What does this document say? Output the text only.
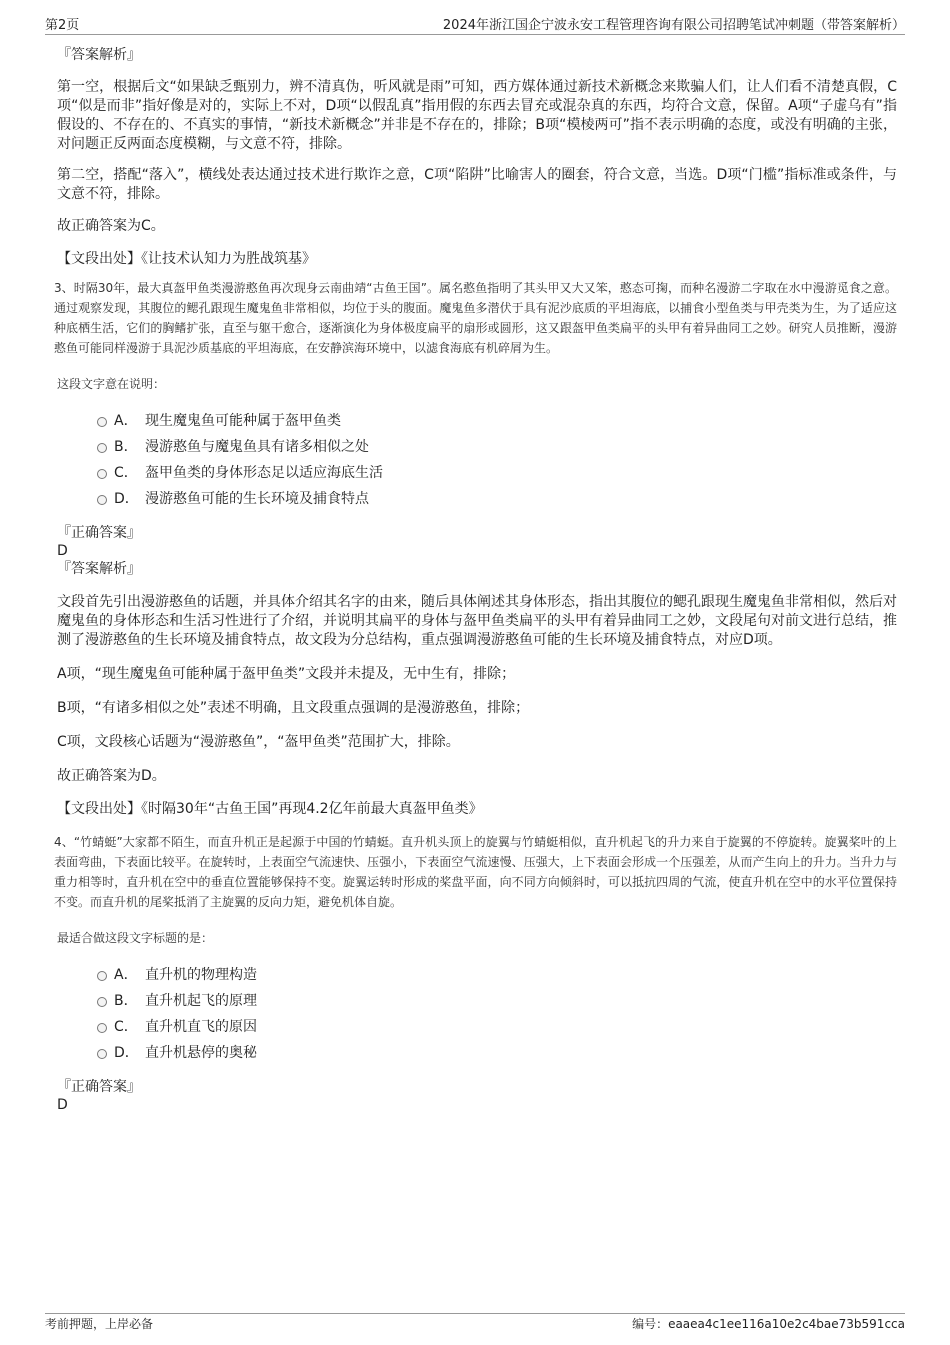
第2页	2024年浙江国企宁波永安工程管理咨询有限公司招聘笔试冲刺题（带答案解析）

『答案解析』

第一空，根据后文“如果缺乏甄别力，辨不清真伪，听风就是雨”可知，西方媒体通过新技术新概念来欺骗人们，让人们看不清楚真假，C项“似是而非”指好像是对的，实际上不对，D项“以假乱真”指用假的东西去冒充或混杂真的东西，均符合文意，保留。A项“子虚乌有”指假设的、不存在的、不真实的事情，“新技术新概念”并非是不存在的，排除；B项“模棱两可”指不表示明确的态度，或没有明确的主张，对问题正反两面态度模糊，与文意不符，排除。

第二空，搭配“落入”，横线处表达通过技术进行欺诈之意，C项“陷阱”比喻害人的圈套，符合文意，当选。D项“门槛”指标准或条件，与文意不符，排除。

故正确答案为C。

【文段出处】《让技术认知力为胜战筑基》

3、时隔30年，最大真盔甲鱼类漫游憨鱼再次现身云南曲靖“古鱼王国”。属名憨鱼指明了其头甲又大又笨，憨态可掬，而种名漫游二字取在水中漫游觅食之意。通过观察发现，其腹位的鳃孔跟现生魔鬼鱼非常相似，均位于头的腹面。魔鬼鱼多潜伏于具有泥沙底质的平坦海底，以捕食小型鱼类与甲壳类为生，为了适应这种底栖生活，它们的胸鳍扩张，直至与躯干愈合，逐渐演化为身体极度扁平的扇形或圆形，这又跟盔甲鱼类扁平的头甲有着异曲同工之妙。研究人员推断，漫游憨鱼可能同样漫游于具泥沙质基底的平坦海底，在安静滨海环境中，以滤食海底有机碎屑为生。

这段文字意在说明：

A． 现生魔鬼鱼可能种属于盔甲鱼类
B． 漫游憨鱼与魔鬼鱼具有诸多相似之处
C． 盔甲鱼类的身体形态足以适应海底生活
D． 漫游憨鱼可能的生长环境及捕食特点

『正确答案』

D

『答案解析』

文段首先引出漫游憨鱼的话题，并具体介绍其名字的由来，随后具体阐述其身体形态，指出其腹位的鳃孔跟现生魔鬼鱼非常相似，然后对魔鬼鱼的身体形态和生活习性进行了介绍，并说明其扁平的身体与盔甲鱼类扁平的头甲有着异曲同工之妙，文段尾句对前文进行总结，推测了漫游憨鱼的生长环境及捕食特点，故文段为分总结构，重点强调漫游憨鱼可能的生长环境及捕食特点，对应D项。

A项，“现生魔鬼鱼可能种属于盔甲鱼类”文段并未提及，无中生有，排除；

B项，“有诸多相似之处”表述不明确，且文段重点强调的是漫游憨鱼，排除；

C项，文段核心话题为“漫游憨鱼”，“盔甲鱼类”范围扩大，排除。

故正确答案为D。

【文段出处】《时隔30年“古鱼王国”再现4.2亿年前最大真盔甲鱼类》

4、“竹蜻蜓”大家都不陌生，而直升机正是起源于中国的竹蜻蜓。直升机头顶上的旋翼与竹蜻蜓相似，直升机起飞的升力来自于旋翼的不停旋转。旋翼桨叶的上表面弯曲，下表面比较平。在旋转时，上表面空气流速快、压强小，下表面空气流速慢、压强大，上下表面会形成一个压强差，从而产生向上的升力。当升力与重力相等时，直升机在空中的垂直位置能够保持不变。旋翼运转时形成的桨盘平面，向不同方向倾斜时，可以抵抗四周的气流，使直升机在空中的水平位置保持不变。而直升机的尾桨抵消了主旋翼的反向力矩，避免机体自旋。

最适合做这段文字标题的是：

A． 直升机的物理构造
B． 直升机起飞的原理
C． 直升机直飞的原因
D． 直升机悬停的奥秘

『正确答案』

D

考前押题，上岸必备	编号：eaaea4c1ee116a10e2c4bae73b591cca
